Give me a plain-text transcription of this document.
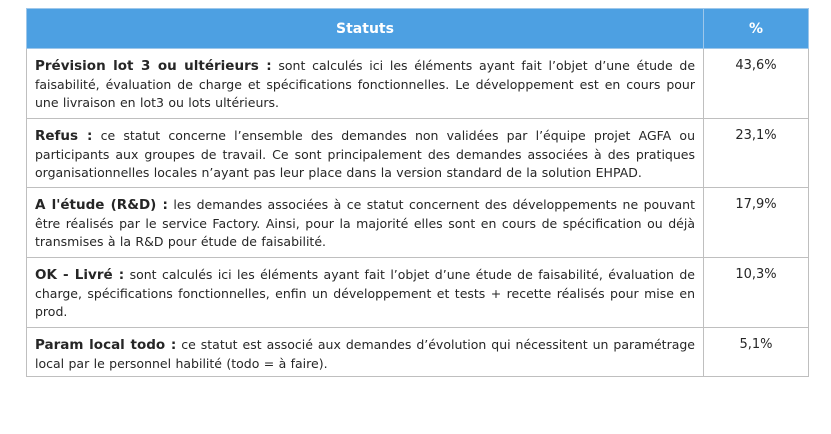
Statuts	%
Prévision lot 3 ou ultérieurs : sont calculés ici les éléments ayant fait l’objet d’une étude de faisabilité, évaluation de charge et spécifications fonctionnelles. Le développement est en cours pour une livraison en lot3 ou lots ultérieurs.	43,6%
Refus : ce statut concerne l’ensemble des demandes non validées par l’équipe projet AGFA ou participants aux groupes de travail. Ce sont principalement des demandes associées à des pratiques organisationnelles locales n’ayant pas leur place dans la version standard de la solution EHPAD.	23,1%
A l'étude (R&D) : les demandes associées à ce statut concernent des développements ne pouvant être réalisés par le service Factory. Ainsi, pour la majorité elles sont en cours de spécification ou déjà transmises à la R&D pour étude de faisabilité.	17,9%
OK - Livré : sont calculés ici les éléments ayant fait l’objet d’une étude de faisabilité, évaluation de charge, spécifications fonctionnelles, enfin un développement et tests + recette réalisés pour mise en prod.	10,3%
Param local todo : ce statut est associé aux demandes d’évolution qui nécessitent un paramétrage local par le personnel habilité (todo = à faire).	5,1%
